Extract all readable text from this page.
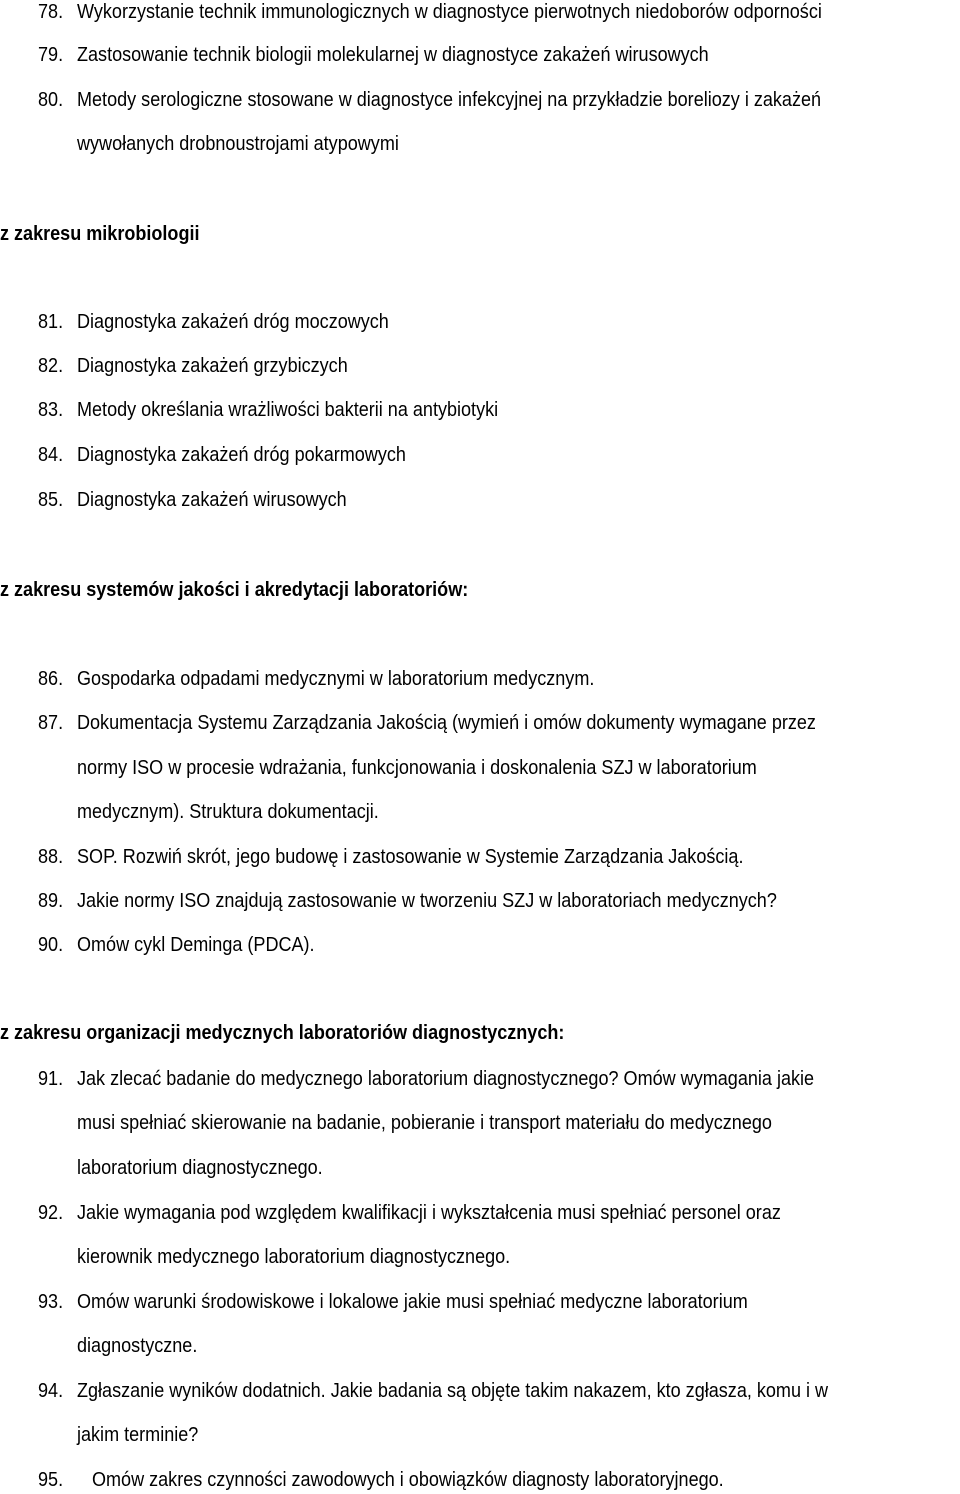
78. Wykorzystanie technik immunologicznych w diagnostyce pierwotnych niedoborów odporności
79. Zastosowanie technik biologii molekularnej w diagnostyce zakażeń wirusowych
80. Metody serologiczne stosowane w diagnostyce infekcyjnej na przykładzie boreliozy i zakażeń
wywołanych drobnoustrojami atypowymi
z zakresu mikrobiologii
81. Diagnostyka zakażeń dróg moczowych
82. Diagnostyka zakażeń grzybiczych
83. Metody określania wrażliwości bakterii na antybiotyki
84. Diagnostyka zakażeń dróg pokarmowych
85. Diagnostyka zakażeń wirusowych
z zakresu systemów jakości i akredytacji laboratoriów:
86. Gospodarka odpadami medycznymi w laboratorium medycznym.
87. Dokumentacja Systemu Zarządzania Jakością (wymień i omów dokumenty wymagane przez
normy ISO w procesie wdrażania, funkcjonowania i doskonalenia SZJ w laboratorium
medycznym). Struktura dokumentacji.
88. SOP. Rozwiń skrót, jego budowę i zastosowanie w Systemie Zarządzania Jakością.
89. Jakie normy ISO znajdują zastosowanie w tworzeniu SZJ w laboratoriach medycznych?
90. Omów cykl Deminga (PDCA).
z zakresu organizacji medycznych laboratoriów diagnostycznych:
91. Jak zlecać badanie do medycznego laboratorium diagnostycznego? Omów wymagania jakie
musi spełniać skierowanie na badanie, pobieranie i transport materiału do medycznego
laboratorium diagnostycznego.
92. Jakie wymagania pod względem kwalifikacji i wykształcenia musi spełniać personel oraz
kierownik medycznego laboratorium diagnostycznego.
93. Omów warunki środowiskowe i lokalowe jakie musi spełniać medyczne laboratorium
diagnostyczne.
94. Zgłaszanie wyników dodatnich. Jakie badania są objęte takim nakazem, kto zgłasza, komu i w
jakim terminie?
95. Omów zakres czynności zawodowych i obowiązków diagnosty laboratoryjnego.
